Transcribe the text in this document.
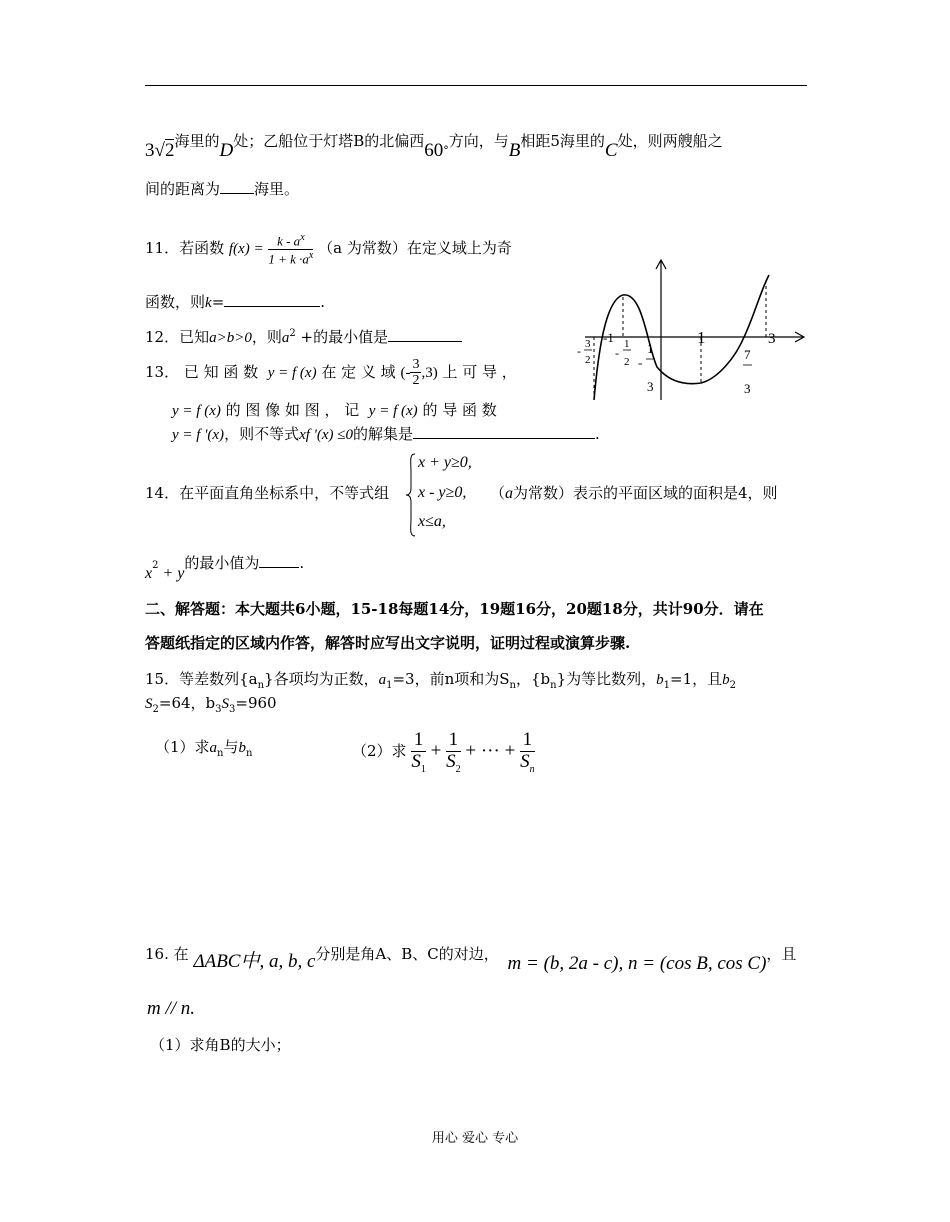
3√2海里的D处；乙船位于灯塔B的北偏西$60^\circ$方向，与B相距5海里的C处，则两艘船之
间的距离为 海里。
11．若函数 $f(x) = \frac{k - a^x}{1 + k \cdot a^x} (a$ 为常数）在定义域上为奇
函数，则k=	.
12．已知a>b>0，则$a^2$ +的最小值是
13． 已 知 函 数 y = f (x) 在 定 义 域 (- $\frac{3}{2} ,3$) 上 可 导 ，
y = f (x) 的 图 像 如 图 ， 记 y = f (x) 的 导 函 数
y = f '(x)，则不等式xf '(x) ≤0的解集是	.
- 3
2
-1
-
1
2 -
1
3
1
7
3
3
14．在平面直角坐标系中，不等式组
x + y≥0,
x - y≥0,
x≤a,
（a为常数）表示的平面区域的面积是4，则
$x^2 + y$的最小值为	.
二、解答题：本大题共6小题，15-18每题14分，19题16分，20题18分，共计90分．请在
答题纸指定的区域内作答，解答时应写出文字说明，证明过程或演算步骤.
15．等差数列$\{a_n\}$各项均为正数，$a_1=3$，前n项和为$S_n$，$\{b_n\}$为等比数列，$b_1=1$，且$b_2$
$S_2=64$，$b_3S_3=960$
（1）求$a_n$与$b_n$	（2）求 $\frac{1}{S_1} + \frac{1}{S_2}$ + ··· + $\frac{1}{S_n}$
16. 在 ΔABC中, a, b, c分别是角A、B、C的对边， m = (b, 2a - c), n = (cos B, cos C)，且
m // n.
（1）求角B的大小；
用心 爱心 专心
